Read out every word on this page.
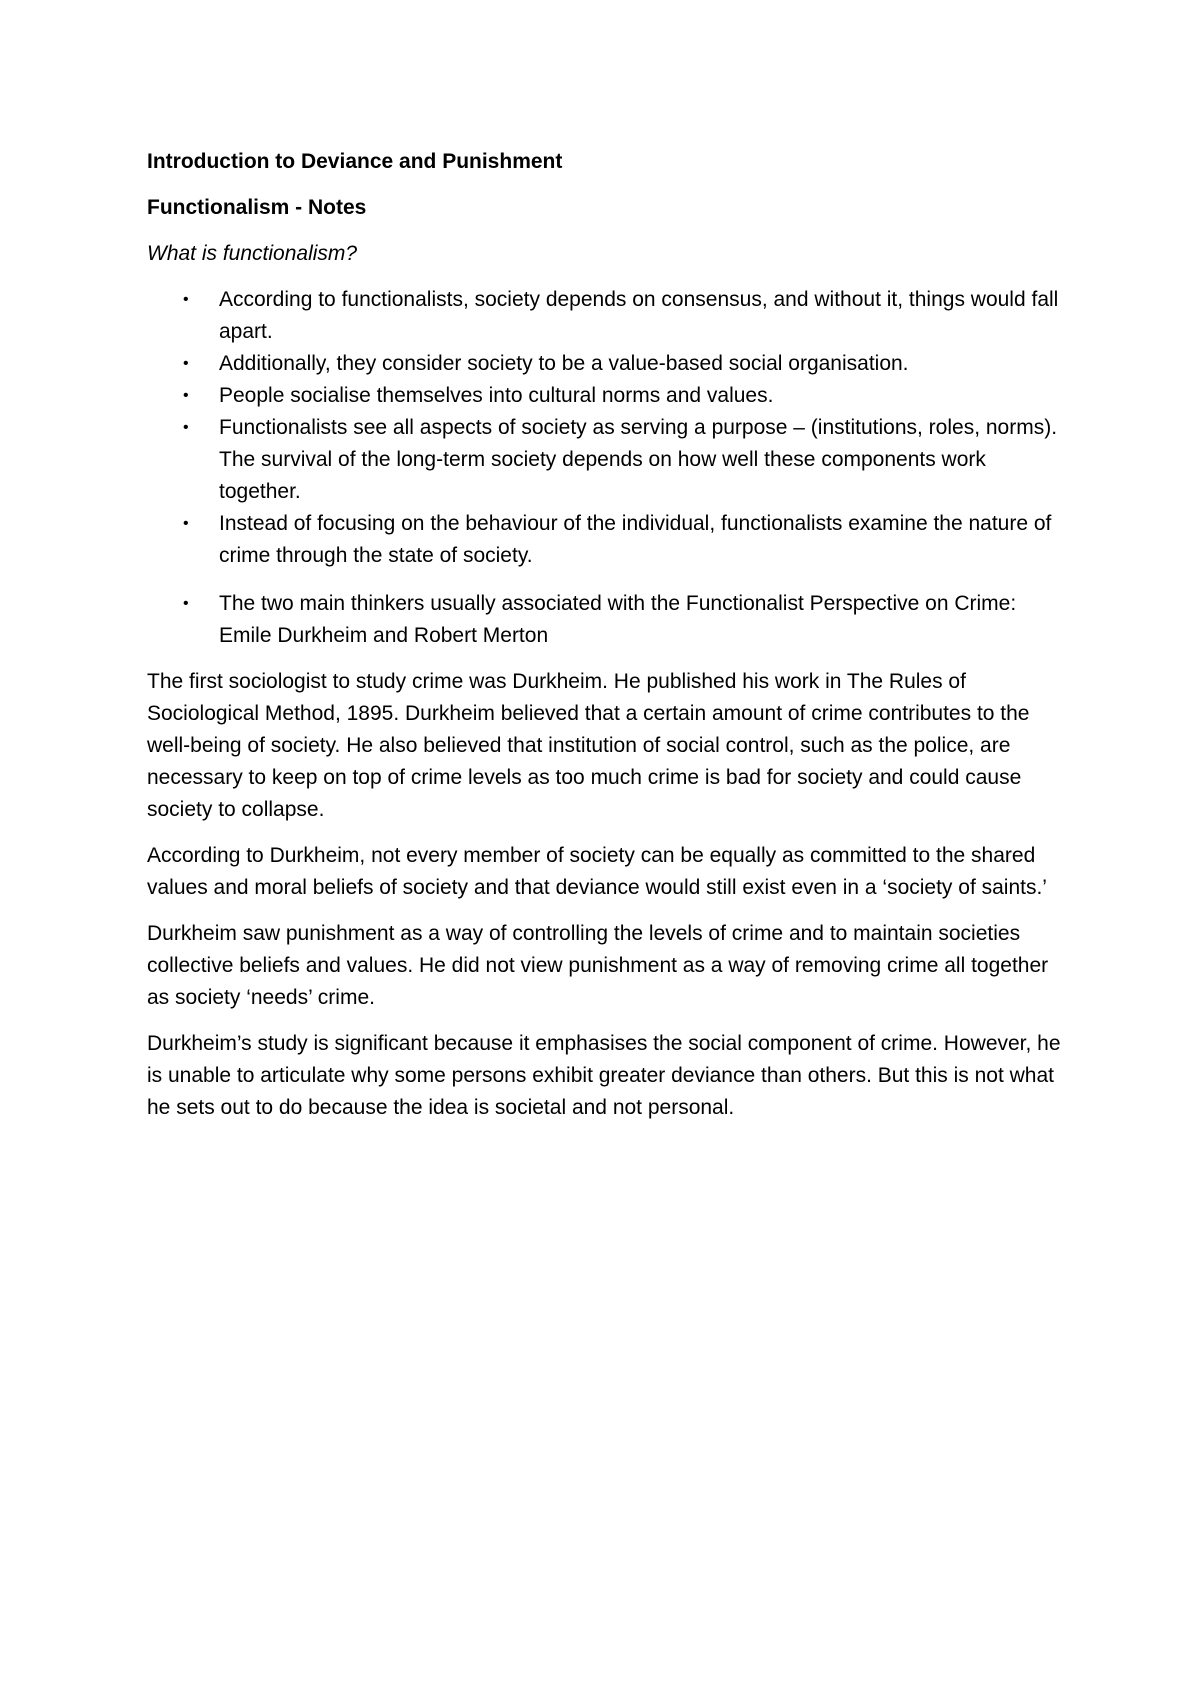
Introduction to Deviance and Punishment
Functionalism - Notes
What is functionalism?
• According to functionalists, society depends on consensus, and without it, things would fall apart.
• Additionally, they consider society to be a value-based social organisation.
• People socialise themselves into cultural norms and values.
• Functionalists see all aspects of society as serving a purpose – (institutions, roles, norms). The survival of the long-term society depends on how well these components work together.
• Instead of focusing on the behaviour of the individual, functionalists examine the nature of crime through the state of society.
• The two main thinkers usually associated with the Functionalist Perspective on Crime: Emile Durkheim and Robert Merton

The first sociologist to study crime was Durkheim. He published his work in The Rules of Sociological Method, 1895. Durkheim believed that a certain amount of crime contributes to the well-being of society. He also believed that institution of social control, such as the police, are necessary to keep on top of crime levels as too much crime is bad for society and could cause society to collapse.

According to Durkheim, not every member of society can be equally as committed to the shared values and moral beliefs of society and that deviance would still exist even in a ‘society of saints.’

Durkheim saw punishment as a way of controlling the levels of crime and to maintain societies collective beliefs and values. He did not view punishment as a way of removing crime all together as society ‘needs’ crime.

Durkheim’s study is significant because it emphasises the social component of crime. However, he is unable to articulate why some persons exhibit greater deviance than others. But this is not what he sets out to do because the idea is societal and not personal.
